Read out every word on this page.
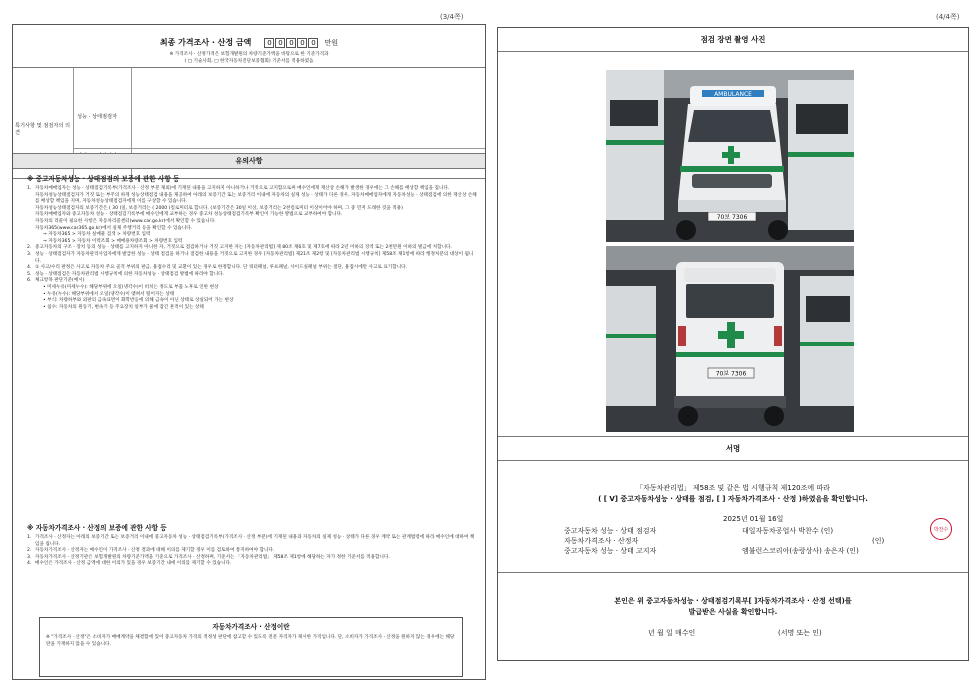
(3/4쪽)	(4/4쪽)
최종 가격조사 · 산정 금액 0 0 0 0 0 만원
※ 가격조사 · 산정가격은 보험개발원의 차량기준가액을 바탕으로 한 기준가격과
( □ 기술사회, □ 한국자동차진단보증협회) 기준서를 적용하였음
특기사항 및 점검자의 의견
성능 · 상태점검자
유의사항
※ 중고자동차성능 · 상태점검의 보증에 관한 사항 등
1. 자동차매매업자는 성능 · 상태점검기록부(가격조사 · 산정 부분 제외)에 기재된 내용을 고지하지 아니하거나 거짓으로 고지함으로써 매수인에게 재산상 손해가 발생한 경우에는 그 손해를 배상할 책임을 집니다.
자동차성능상태점검자가 거짓 또는 부주의 하게 성능상태점검 내용을 제공하여 아래의 보증기간 또는 보증거리 이내에 자동차의 실제 성능 · 상태가 다른 경우, 자동차매매업자에게 자동차성능 · 상태점검에 의한 재산상 손해를 배상할 책임을 지며, 자동차성능상태점검자에게 이를 구상할 수 있습니다.
자동차성능상태점검자의 보증기간은 ( 30 )일, 보증거리는 ( 2000 )킬로미터로 합니다. (보증기간은 30일 이상, 보증거리는 2천킬로미터 이상이어야 하며, 그 중 먼저 도래한 것을 적용)
자동차매매업자와 중고자동차 성능 · 상태점검기록부에 매수인에게 교부하는 경우 중고차 성능상태점검기록부 확인이 가능한 방법으로 교부하여야 합니다.
자동차의 리콜이 필요한 사항은 자동차리콜센터(www.car.go.kr)에서 확인할 수 있습니다.
자동차365(www.car365.go.kr)에서 실제 주행거리 등을 확인할 수 있습니다.
→ 자동차365 > 자동차 실매물 검색 > 차량번호 입력
→ 자동차365 > 자동차 이력조회 > 매매용차량조회 > 차량번호 입력
2. 중고자동차의 구조 · 장치 등의 성능 · 상태를 고지하지 아니한 자, 거짓으로 점검하거나 거짓 고지한 자는 [자동차관리법] 제 80조 제6호 및 제7호에 따라 2년 이하의 징역 또는 2천만원 이하의 벌금에 처합니다.
3. 성능 · 상태점검자가 자동차관리사업자에게 발급한 성능 · 상태 점검을 하거나 점검한 내용을 거짓으로 고지한 경우 [자동차관리법] 제21조 제2항 및 [자동차관리법 시행규칙] 제58조 제1항에 따라 행정처분의 대상이 됩니다.
4. ① 사고/수리 판정은 사고로 자동차 주요 골격 부위의 판금, 용접수리 및 교환이 있는 경우로 한정합니다. 단 쿼터패널, 루프패널, 사이드실패널 부위는 절단, 용접시에만 사고로 표기합니다.
5. 성능 · 상태점검은 자동차관리법 시행규칙에 의한 자동차성능 · 상태점검 방법에 따라야 합니다.
6. 체크항목 판단기준(예시)
• 미세누유(미세누수): 해당부위에 오일(냉각수)이 비치는 정도로 부품 노후로 인한 현상
• 누유(누수): 해당부위에서 오일(냉각수)이 맺혀서 떨어지는 상태
• 부식: 차량하부와 외판의 금속표면이 화학반응에 의해 금속이 아닌 상태로 상실되어 가는 현상
• 침수: 자동차의 원동기, 변속기 등 주요장치 일부가 물에 잠긴 흔적이 있는 상태
※ 자동차가격조사 · 산정의 보증에 관한 사항 등
1. 가격조사 · 산정자는 아래의 보증기간 또는 보증거리 이내에 중고자동차 성능 · 상태점검기록부(가격조사 · 산정 부분)에 기재된 내용과 자동차의 실제 성능 · 상태가 다른 경우 계약 또는 관계법령에 따라 매수인에 대하여 책임을 집니다.
2. 자동차가격조사 · 산정자는 매수인이 가격조사 · 산정 결과에 대해 이의를 제기할 경우 이를 검토하여 통지하여야 합니다.
3. 자동차가격조사 · 산정기관은 보험개발원의 차량기준가액을 기준으로 가격조사 · 산정하며, 기준서는 「자동차관리법」 제58조 제1항에 해당하는 자가 정한 기준서를 적용합니다.
4. 매수인은 가격조사 · 산정 금액에 대한 이의가 있을 경우 보증기간 내에 이의를 제기할 수 있습니다.
자동차가격조사 · 산정이란
※ "가격조사 · 산정"은 소비자가 매매계약을 체결함에 있어 중고자동차 가격의 적정성 판단에 참고할 수 있도록 전문 자격자가 제시한 가격입니다. 단, 소비자가 가격조사 · 산정을 원하지 않는 경우에는 해당 란을 기재하지 않을 수 있습니다.
점검 장면 촬영 사진
AMBULANCE
70보 7306
70보 7306
서명
「자동차관리법」 제58조 및 같은 법 시행규칙 제120조에 따라
( [ V] 중고자동차성능 · 상태를 점검, [ ] 자동차가격조사 · 산정 )하였음을 확인합니다.
2025년 01월 16일
중고자동차 성능 · 상태 점검자	대일자동차공업사 박찬수 (인)
자동차가격조사 · 산정자	(인)
중고자동차 성능 · 상태 고지자	앰뷸런스코리아(송랑상사) 송은자 (인)
박찬수
본인은 위 중고자동차성능 · 상태점검기록부[ ]자동차가격조사 · 산정 선택)를
발급받은 사실을 확인합니다.
년 월 일 매수인	(서명 또는 인)
